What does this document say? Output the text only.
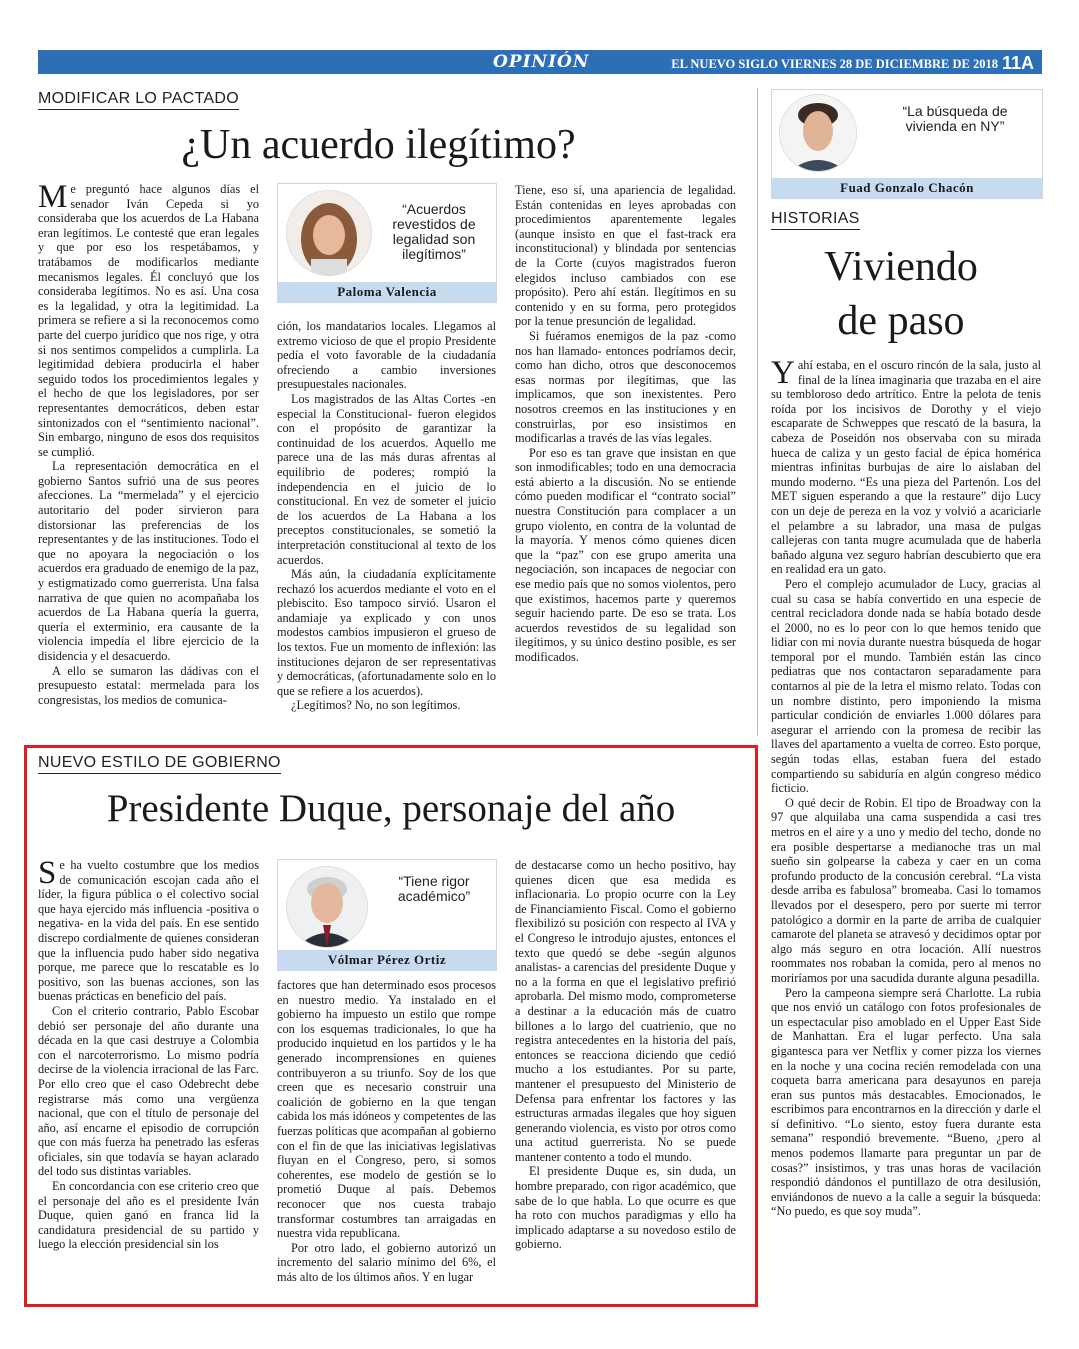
OPINIÓN	EL NUEVO SIGLO VIERNES 28 DE DICIEMBRE DE 2018 11A
MODIFICAR LO PACTADO
¿Un acuerdo ilegítimo?

Me preguntó hace algunos días el senador Iván Cepeda si yo consideraba que los acuerdos de La Habana eran legítimos. Le contesté que eran legales y que por eso los respetábamos, y tratábamos de modificarlos mediante mecanismos legales. Él concluyó que los consideraba legítimos. No es así. Una cosa es la legalidad, y otra la legitimidad. La primera se refiere a si la reconocemos como parte del cuerpo jurídico que nos rige, y otra si nos sentimos compelidos a cumplirla. La legitimidad debiera producirla el haber seguido todos los procedimientos legales y el hecho de que los legisladores, por ser representantes democráticos, deben estar sintonizados con el “sentimiento nacional”. Sin embargo, ninguno de esos dos requisitos se cumplió.

La representación democrática en el gobierno Santos sufrió una de sus peores afecciones. La “mermelada” y el ejercicio autoritario del poder sirvieron para distorsionar las preferencias de los representantes y de las instituciones. Todo el que no apoyara la negociación o los acuerdos era graduado de enemigo de la paz, y estigmatizado como guerrerista. Una falsa narrativa de que quien no acompañaba los acuerdos de La Habana quería la guerra, quería el exterminio, era causante de la violencia impedía el libre ejercicio de la disidencia y el desacuerdo.

A ello se sumaron las dádivas con el presupuesto estatal: mermelada para los congresistas, los medios de comunica-

“Acuerdos revestidos de legalidad son ilegítimos”
Paloma Valencia

ción, los mandatarios locales. Llegamos al extremo vicioso de que el propio Presidente pedía el voto favorable de la ciudadanía ofreciendo a cambio inversiones presupuestales nacionales.

Los magistrados de las Altas Cortes -en especial la Constitucional- fueron elegidos con el propósito de garantizar la continuidad de los acuerdos. Aquello me parece una de las más duras afrentas al equilibrio de poderes; rompió la independencia en el juicio de lo constitucional. En vez de someter el juicio de los acuerdos de La Habana a los preceptos constitucionales, se sometió la interpretación constitucional al texto de los acuerdos.

Más aún, la ciudadanía explícitamente rechazó los acuerdos mediante el voto en el plebiscito. Eso tampoco sirvió. Usaron el andamiaje ya explicado y con unos modestos cambios impusieron el grueso de los textos. Fue un momento de inflexión: las instituciones dejaron de ser representativas y democráticas, (afortunadamente solo en lo que se refiere a los acuerdos).

¿Legítimos? No, no son legítimos.

Tiene, eso sí, una apariencia de legalidad. Están contenidas en leyes aprobadas con procedimientos aparentemente legales (aunque insisto en que el fast-track era inconstitucional) y blindada por sentencias de la Corte (cuyos magistrados fueron elegidos incluso cambiados con ese propósito). Pero ahí están. Ilegítimos en su contenido y en su forma, pero protegidos por la tenue presunción de legalidad.

Si fuéramos enemigos de la paz -como nos han llamado- entonces podríamos decir, como han dicho, otros que desconocemos esas normas por ilegítimas, que las implicamos, que son inexistentes. Pero nosotros creemos en las instituciones y en construirlas, por eso insistimos en modificarlas a través de las vías legales.

Por eso es tan grave que insistan en que son inmodificables; todo en una democracia está abierto a la discusión. No se entiende cómo pueden modificar el “contrato social” nuestra Constitución para complacer a un grupo violento, en contra de la voluntad de la mayoría. Y menos cómo quienes dicen que la “paz” con ese grupo amerita una negociación, son incapaces de negociar con ese medio país que no somos violentos, pero que existimos, hacemos parte y queremos seguir haciendo parte. De eso se trata. Los acuerdos revestidos de su legalidad son ilegítimos, y su único destino posible, es ser modificados.

NUEVO ESTILO DE GOBIERNO
Presidente Duque, personaje del año

Se ha vuelto costumbre que los medios de comunicación escojan cada año el líder, la figura pública o el colectivo social que haya ejercido más influencia -positiva o negativa- en la vida del país. En ese sentido discrepo cordialmente de quienes consideran que la influencia pudo haber sido negativa porque, me parece que lo rescatable es lo positivo, son las buenas acciones, son las buenas prácticas en beneficio del país.

Con el criterio contrario, Pablo Escobar debió ser personaje del año durante una década en la que casi destruye a Colombia con el narcoterrorismo. Lo mismo podría decirse de la violencia irracional de las Farc. Por ello creo que el caso Odebrecht debe registrarse más como una vergüenza nacional, que con el título de personaje del año, así encarne el episodio de corrupción que con más fuerza ha penetrado las esferas oficiales, sin que todavía se hayan aclarado del todo sus distintas variables.

En concordancia con ese criterio creo que el personaje del año es el presidente Iván Duque, quien ganó en franca lid la candidatura presidencial de su partido y luego la elección presidencial sin los

“Tiene rigor académico”
Vólmar Pérez Ortiz

factores que han determinado esos procesos en nuestro medio. Ya instalado en el gobierno ha impuesto un estilo que rompe con los esquemas tradicionales, lo que ha producido inquietud en los partidos y le ha generado incomprensiones en quienes contribuyeron a su triunfo. Soy de los que creen que es necesario construir una coalición de gobierno en la que tengan cabida los más idóneos y competentes de las fuerzas políticas que acompañan al gobierno con el fin de que las iniciativas legislativas fluyan en el Congreso, pero, si somos coherentes, ese modelo de gestión se lo prometió Duque al país. Debemos reconocer que nos cuesta trabajo transformar costumbres tan arraigadas en nuestra vida republicana.

Por otro lado, el gobierno autorizó un incremento del salario mínimo del 6%, el más alto de los últimos años. Y en lugar

de destacarse como un hecho positivo, hay quienes dicen que esa medida es inflacionaria. Lo propio ocurre con la Ley de Financiamiento Fiscal. Como el gobierno flexibilizó su posición con respecto al IVA y el Congreso le introdujo ajustes, entonces el texto que quedó se debe -según algunos analistas- a carencias del presidente Duque y no a la forma en que el legislativo prefirió aprobarla. Del mismo modo, comprometerse a destinar a la educación más de cuatro billones a lo largo del cuatrienio, que no registra antecedentes en la historia del país, entonces se reacciona diciendo que cedió mucho a los estudiantes. Por su parte, mantener el presupuesto del Ministerio de Defensa para enfrentar los factores y las estructuras armadas ilegales que hoy siguen generando violencia, es visto por otros como una actitud guerrerista. No se puede mantener contento a todo el mundo.

El presidente Duque es, sin duda, un hombre preparado, con rigor académico, que sabe de lo que habla. Lo que ocurre es que ha roto con muchos paradigmas y ello ha implicado adaptarse a su novedoso estilo de gobierno.

“La búsqueda de vivienda en NY”
Fuad Gonzalo Chacón
HISTORIAS
Viviendo
de paso

Yahí estaba, en el oscuro rincón de la sala, justo al final de la línea imaginaria que trazaba en el aire su tembloroso dedo artrítico. Entre la pelota de tenis roída por los incisivos de Dorothy y el viejo escaparate de Schweppes que rescató de la basura, la cabeza de Poseidón nos observaba con su mirada hueca de caliza y un gesto facial de épica homérica mientras infinitas burbujas de aire lo aislaban del mundo moderno. “Es una pieza del Partenón. Los del MET siguen esperando a que la restaure” dijo Lucy con un deje de pereza en la voz y volvió a acariciarle el pelambre a su labrador, una masa de pulgas callejeras con tanta mugre acumulada que de haberla bañado alguna vez seguro habrían descubierto que era en realidad era un gato.

Pero el complejo acumulador de Lucy, gracias al cual su casa se había convertido en una especie de central recicladora donde nada se había botado desde el 2000, no es lo peor con lo que hemos tenido que lidiar con mi novia durante nuestra búsqueda de hogar temporal por el mundo. También están las cinco pediatras que nos contactaron separadamente para contarnos al pie de la letra el mismo relato. Todas con un nombre distinto, pero imponiendo la misma particular condición de enviarles 1.000 dólares para asegurar el arriendo con la promesa de recibir las llaves del apartamento a vuelta de correo. Esto porque, según todas ellas, estaban fuera del estado compartiendo su sabiduría en algún congreso médico ficticio.

O qué decir de Robin. El tipo de Broadway con la 97 que alquilaba una cama suspendida a casi tres metros en el aire y a uno y medio del techo, donde no era posible despertarse a medianoche tras un mal sueño sin golpearse la cabeza y caer en un coma profundo producto de la concusión cerebral. “La vista desde arriba es fabulosa” bromeaba. Casi lo tomamos llevados por el desespero, pero por suerte mi terror patológico a dormir en la parte de arriba de cualquier camarote del planeta se atravesó y decidimos optar por algo más seguro en otra locación. Allí nuestros roommates nos robaban la comida, pero al menos no moriríamos por una sacudida durante alguna pesadilla.

Pero la campeona siempre será Charlotte. La rubia que nos envió un catálogo con fotos profesionales de un espectacular piso amoblado en el Upper East Side de Manhattan. Era el lugar perfecto. Una sala gigantesca para ver Netflix y comer pizza los viernes en la noche y una cocina recién remodelada con una coqueta barra americana para desayunos en pareja eran sus puntos más destacables. Emocionados, le escribimos para encontrarnos en la dirección y darle el sí definitivo. “Lo siento, estoy fuera durante esta semana” respondió brevemente. “Bueno, ¿pero al menos podemos llamarte para preguntar un par de cosas?” insistimos, y tras unas horas de vacilación respondió dándonos el puntillazo de otra desilusión, enviándonos de nuevo a la calle a seguir la búsqueda: “No puedo, es que soy muda”.
